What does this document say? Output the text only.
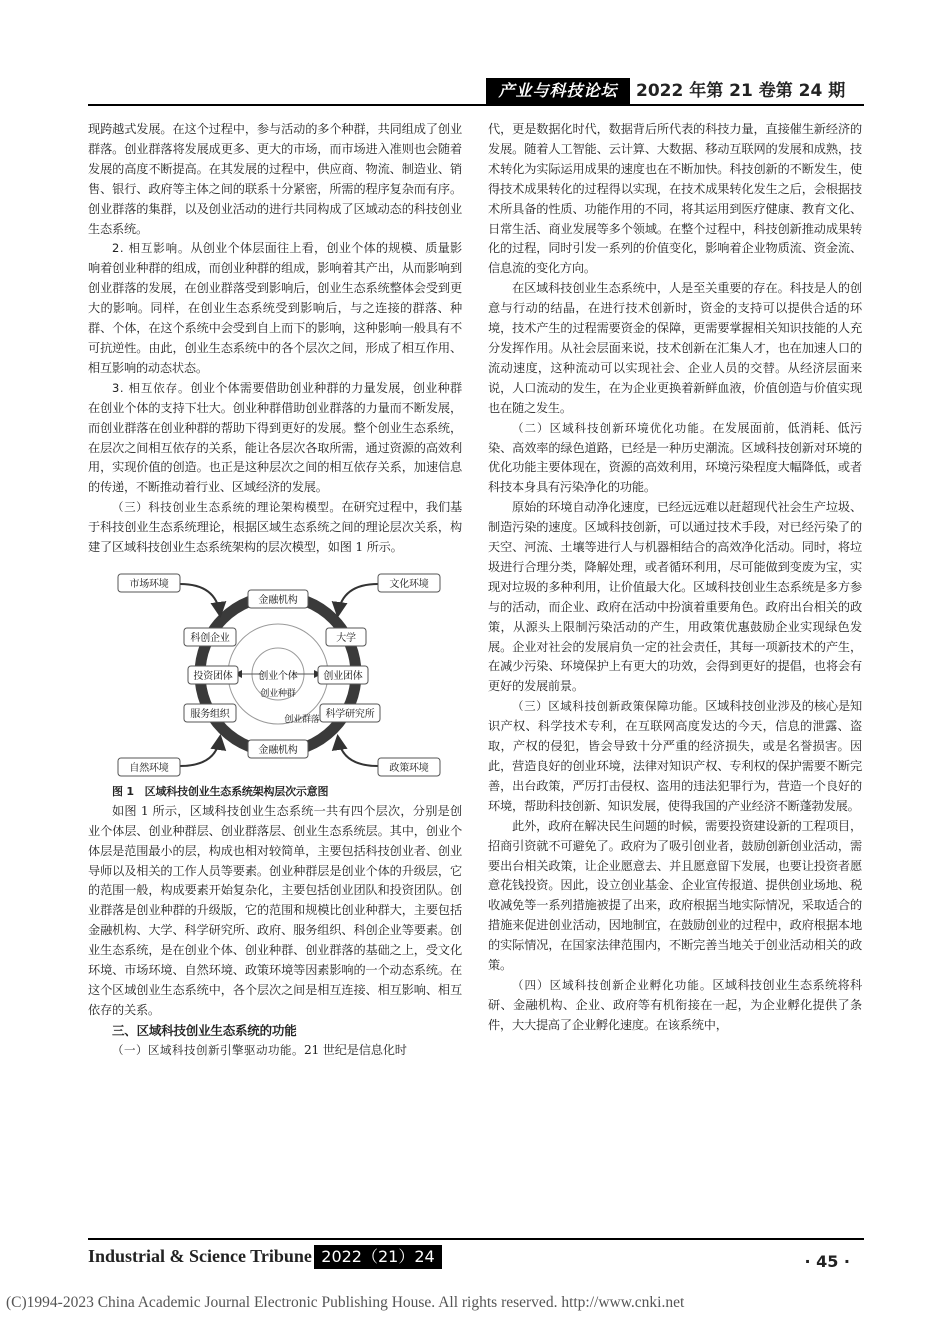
产业与科技论坛	2022 年第 21 卷第 24 期

现跨越式发展。在这个过程中，参与活动的多个种群，共同组成了创业群落。创业群落将发展成更多、更大的市场，而市场进入准则也会随着发展的高度不断提高。在其发展的过程中，供应商、物流、制造业、销售、银行、政府等主体之间的联系十分紧密，所需的程序复杂而有序。创业群落的集群，以及创业活动的进行共同构成了区域动态的科技创业生态系统。

2. 相互影响。从创业个体层面往上看，创业个体的规模、质量影响着创业种群的组成，而创业种群的组成，影响着其产出，从而影响到创业群落的发展，在创业群落受到影响后，创业生态系统整体会受到更大的影响。同样，在创业生态系统受到影响后，与之连接的群落、种群、个体，在这个系统中会受到自上而下的影响，这种影响一般具有不可抗逆性。由此，创业生态系统中的各个层次之间，形成了相互作用、相互影响的动态状态。

3. 相互依存。创业个体需要借助创业种群的力量发展，创业种群在创业个体的支持下壮大。创业种群借助创业群落的力量而不断发展，而创业群落在创业种群的帮助下得到更好的发展。整个创业生态系统，在层次之间相互依存的关系，能让各层次各取所需，通过资源的高效利用，实现价值的创造。也正是这种层次之间的相互依存关系，加速信息的传递，不断推动着行业、区域经济的发展。

（三）科技创业生态系统的理论架构模型。在研究过程中，我们基于科技创业生态系统理论，根据区域生态系统之间的理论层次关系，构建了区域科技创业生态系统架构的层次模型，如图 1 所示。

市场环境	文化环境
自然环境	政策环境
金融机构
金融机构
科创企业	大学
投资团体	创业个体	创业团体
创业种群
服务组织	科学研究所
创业群落

图 1　区域科技创业生态系统架构层次示意图

如图 1 所示，区域科技创业生态系统一共有四个层次，分别是创业个体层、创业种群层、创业群落层、创业生态系统层。其中，创业个体层是范围最小的层，构成也相对较简单，主要包括科技创业者、创业导师以及相关的工作人员等要素。创业种群层是创业个体的升级层，它的范围一般，构成要素开始复杂化，主要包括创业团队和投资团队。创业群落是创业种群的升级版，它的范围和规模比创业种群大，主要包括金融机构、大学、科学研究所、政府、服务组织、科创企业等要素。创业生态系统，是在创业个体、创业种群、创业群落的基础之上，受文化环境、市场环境、自然环境、政策环境等因素影响的一个动态系统。在这个区域创业生态系统中，各个层次之间是相互连接、相互影响、相互依存的关系。

三、区域科技创业生态系统的功能

（一）区域科技创新引擎驱动功能。21 世纪是信息化时

代，更是数据化时代，数据背后所代表的科技力量，直接催生新经济的发展。随着人工智能、云计算、大数据、移动互联网的发展和成熟，技术转化为实际运用成果的速度也在不断加快。科技创新的不断发生，使得技术成果转化的过程得以实现，在技术成果转化发生之后，会根据技术所具备的性质、功能作用的不同，将其运用到医疗健康、教育文化、日常生活、商业发展等多个领域。在整个过程中，科技创新推动成果转化的过程，同时引发一系列的价值变化，影响着企业物质流、资金流、信息流的变化方向。

在区域科技创业生态系统中，人是至关重要的存在。科技是人的创意与行动的结晶，在进行技术创新时，资金的支持可以提供合适的环境，技术产生的过程需要资金的保障，更需要掌握相关知识技能的人充分发挥作用。从社会层面来说，技术创新在汇集人才，也在加速人口的流动速度，这种流动可以实现社会、企业人员的交替。从经济层面来说，人口流动的发生，在为企业更换着新鲜血液，价值创造与价值实现也在随之发生。

（二）区域科技创新环境优化功能。在发展面前，低消耗、低污染、高效率的绿色道路，已经是一种历史潮流。区域科技创新对环境的优化功能主要体现在，资源的高效利用，环境污染程度大幅降低，或者科技本身具有污染净化的功能。

原始的环境自动净化速度，已经远远难以赶超现代社会生产垃圾、制造污染的速度。区域科技创新，可以通过技术手段，对已经污染了的天空、河流、土壤等进行人与机器相结合的高效净化活动。同时，将垃圾进行合理分类，降解处理，或者循环利用，尽可能做到变废为宝，实现对垃圾的多种利用，让价值最大化。区域科技创业生态系统是多方参与的活动，而企业、政府在活动中扮演着重要角色。政府出台相关的政策，从源头上限制污染活动的产生，用政策优惠鼓励企业实现绿色发展。企业对社会的发展肩负一定的社会责任，其每一项新技术的产生，在减少污染、环境保护上有更大的功效，会得到更好的提倡，也将会有更好的发展前景。

（三）区域科技创新政策保障功能。区域科技创业涉及的核心是知识产权、科学技术专利，在互联网高度发达的今天，信息的泄露、盗取，产权的侵犯，皆会导致十分严重的经济损失，或是名誉损害。因此，营造良好的创业环境，法律对知识产权、专利权的保护需要不断完善，出台政策，严厉打击侵权、盗用的违法犯罪行为，营造一个良好的环境，帮助科技创新、知识发展，使得我国的产业经济不断蓬勃发展。

此外，政府在解决民生问题的时候，需要投资建设新的工程项目，招商引资就不可避免了。政府为了吸引创业者，鼓励创新创业活动，需要出台相关政策，让企业愿意去、并且愿意留下发展，也要让投资者愿意花钱投资。因此，设立创业基金、企业宣传报道、提供创业场地、税收减免等一系列措施被提了出来，政府根据当地实际情况，采取适合的措施来促进创业活动，因地制宜，在鼓励创业的过程中，政府根据本地的实际情况，在国家法律范围内，不断完善当地关于创业活动相关的政策。

（四）区域科技创新企业孵化功能。区域科技创业生态系统将科研、金融机构、企业、政府等有机衔接在一起，为企业孵化提供了条件，大大提高了企业孵化速度。在该系统中，

Industrial & Science Tribune 2022（21）24	· 45 ·
(C)1994-2023 China Academic Journal Electronic Publishing House. All rights reserved. http://www.cnki.net
